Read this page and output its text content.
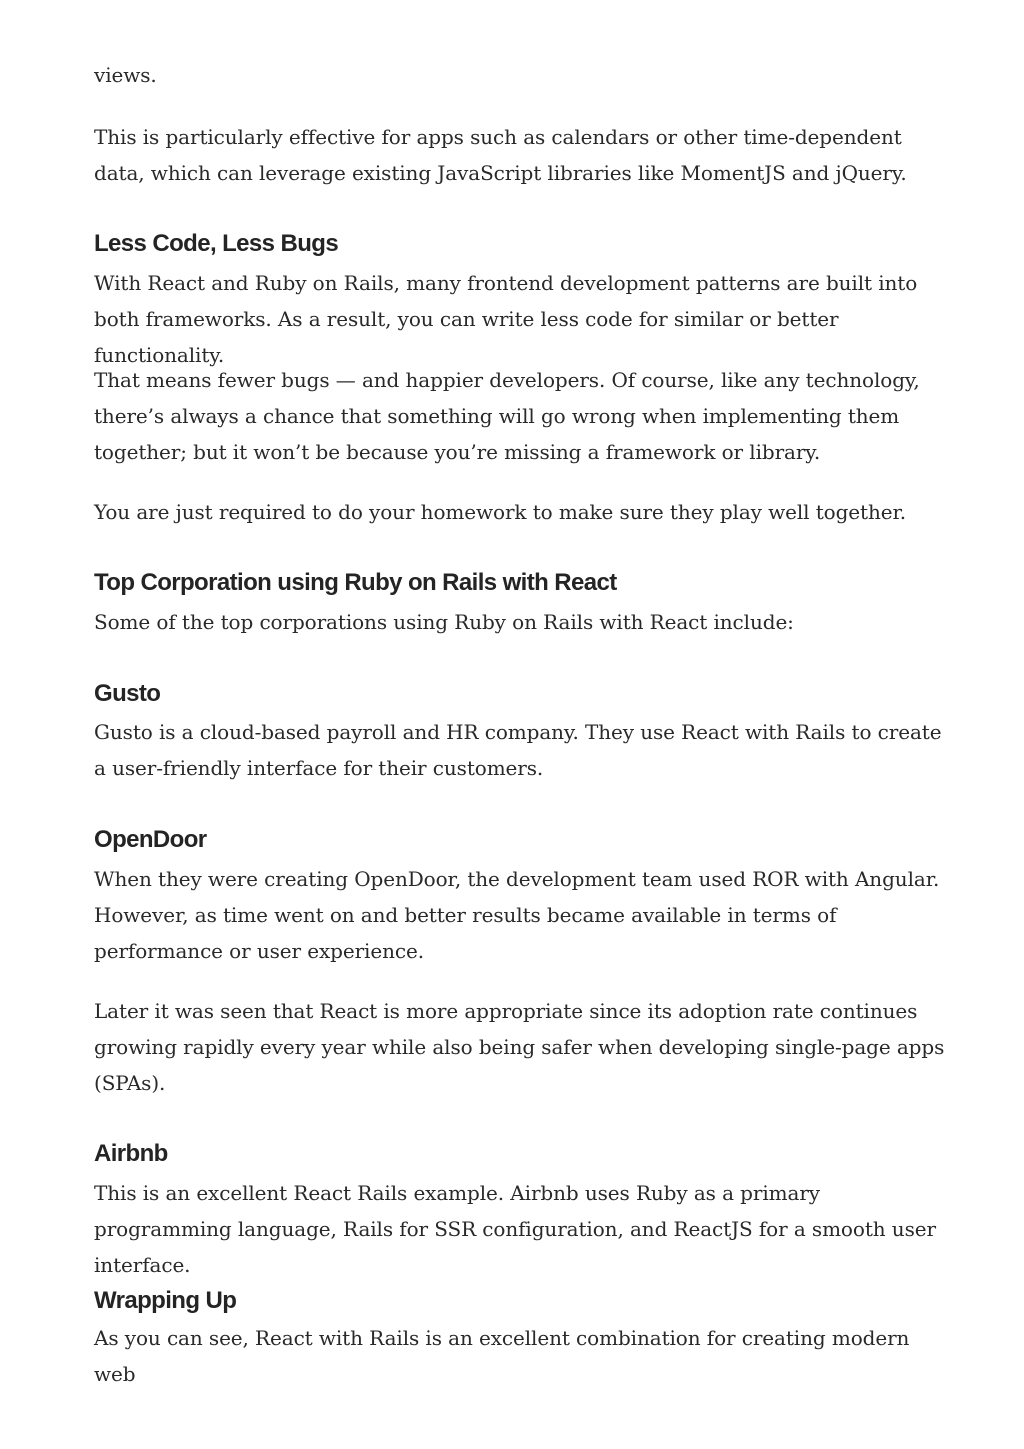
views.

This is particularly effective for apps such as calendars or other time-dependent data, which can leverage existing JavaScript libraries like MomentJS and jQuery.

Less Code, Less Bugs

With React and Ruby on Rails, many frontend development patterns are built into both frameworks. As a result, you can write less code for similar or better functionality.

That means fewer bugs — and happier developers. Of course, like any technology, there’s always a chance that something will go wrong when implementing them together; but it won’t be because you’re missing a framework or library.

You are just required to do your homework to make sure they play well together.

Top Corporation using Ruby on Rails with React

Some of the top corporations using Ruby on Rails with React include:

Gusto

Gusto is a cloud-based payroll and HR company. They use React with Rails to create a user-friendly interface for their customers.

OpenDoor

When they were creating OpenDoor, the development team used ROR with Angular. However, as time went on and better results became available in terms of performance or user experience.

Later it was seen that React is more appropriate since its adoption rate continues growing rapidly every year while also being safer when developing single-page apps (SPAs).

Airbnb

This is an excellent React Rails example. Airbnb uses Ruby as a primary programming language, Rails for SSR configuration, and ReactJS for a smooth user interface.

Wrapping Up

As you can see, React with Rails is an excellent combination for creating modern web
